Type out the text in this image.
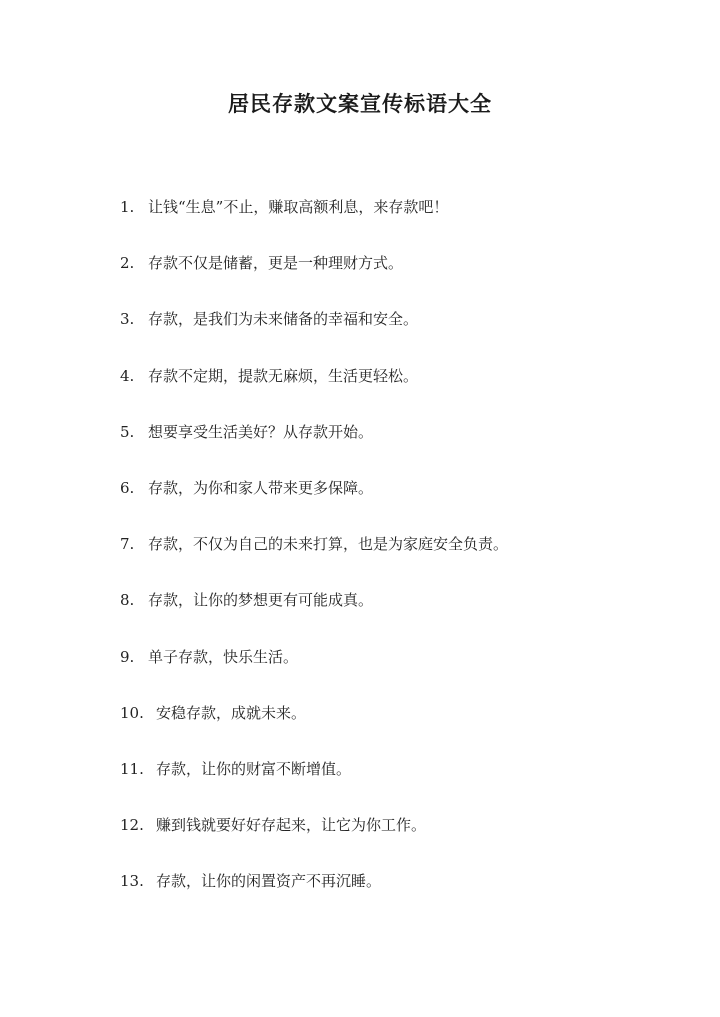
居民存款文案宣传标语大全
1. 让钱“生息”不止，赚取高额利息，来存款吧！
2. 存款不仅是储蓄，更是一种理财方式。
3. 存款，是我们为未来储备的幸福和安全。
4. 存款不定期，提款无麻烦，生活更轻松。
5. 想要享受生活美好？从存款开始。
6. 存款，为你和家人带来更多保障。
7. 存款，不仅为自己的未来打算，也是为家庭安全负责。
8. 存款，让你的梦想更有可能成真。
9. 单子存款，快乐生活。
10. 安稳存款，成就未来。
11. 存款，让你的财富不断增值。
12. 赚到钱就要好好存起来，让它为你工作。
13. 存款，让你的闲置资产不再沉睡。
